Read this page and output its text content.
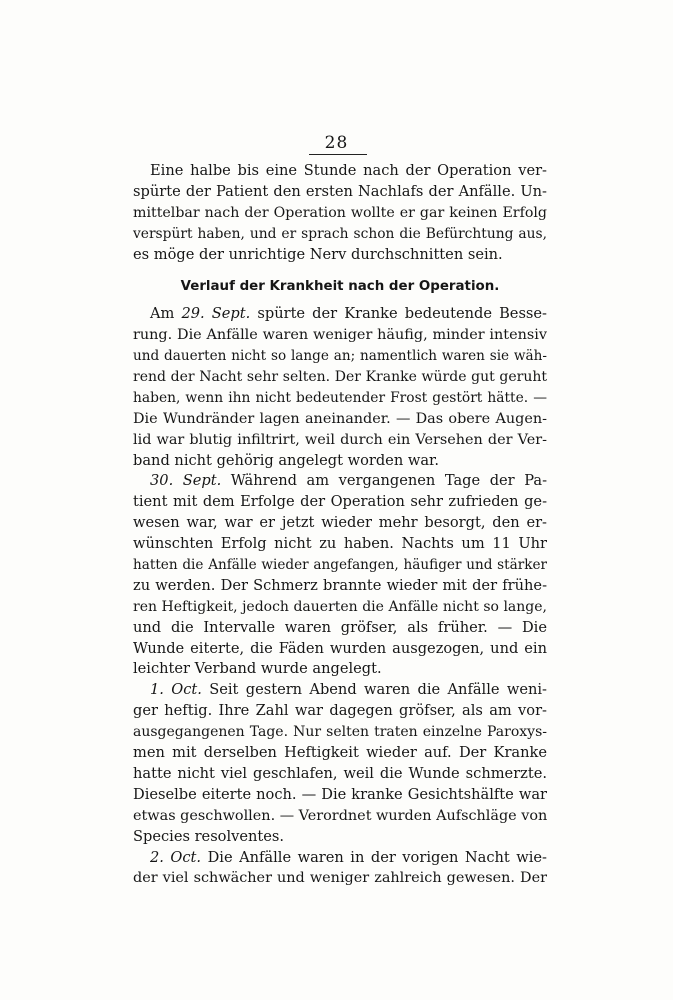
28
Eine halbe bis eine Stunde nach der Operation ver-
spürte der Patient den ersten Nachlafs der Anfälle. Un-
mittelbar nach der Operation wollte er gar keinen Erfolg
verspürt haben, und er sprach schon die Befürchtung aus,
es möge der unrichtige Nerv durchschnitten sein.
Verlauf der Krankheit nach der Operation.
Am 29. Sept. spürte der Kranke bedeutende Besse-
rung. Die Anfälle waren weniger häufig, minder intensiv
und dauerten nicht so lange an; namentlich waren sie wäh-
rend der Nacht sehr selten. Der Kranke würde gut geruht
haben, wenn ihn nicht bedeutender Frost gestört hätte. —
Die Wundränder lagen aneinander. — Das obere Augen-
lid war blutig infiltrirt, weil durch ein Versehen der Ver-
band nicht gehörig angelegt worden war.
30. Sept. Während am vergangenen Tage der Pa-
tient mit dem Erfolge der Operation sehr zufrieden ge-
wesen war, war er jetzt wieder mehr besorgt, den er-
wünschten Erfolg nicht zu haben. Nachts um 11 Uhr
hatten die Anfälle wieder angefangen, häufiger und stärker
zu werden. Der Schmerz brannte wieder mit der frühe-
ren Heftigkeit, jedoch dauerten die Anfälle nicht so lange,
und die Intervalle waren gröfser, als früher. — Die
Wunde eiterte, die Fäden wurden ausgezogen, und ein
leichter Verband wurde angelegt.
1. Oct. Seit gestern Abend waren die Anfälle weni-
ger heftig. Ihre Zahl war dagegen gröfser, als am vor-
ausgegangenen Tage. Nur selten traten einzelne Paroxys-
men mit derselben Heftigkeit wieder auf. Der Kranke
hatte nicht viel geschlafen, weil die Wunde schmerzte.
Dieselbe eiterte noch. — Die kranke Gesichtshälfte war
etwas geschwollen. — Verordnet wurden Aufschläge von
Species resolventes.
2. Oct. Die Anfälle waren in der vorigen Nacht wie-
der viel schwächer und weniger zahlreich gewesen. Der
